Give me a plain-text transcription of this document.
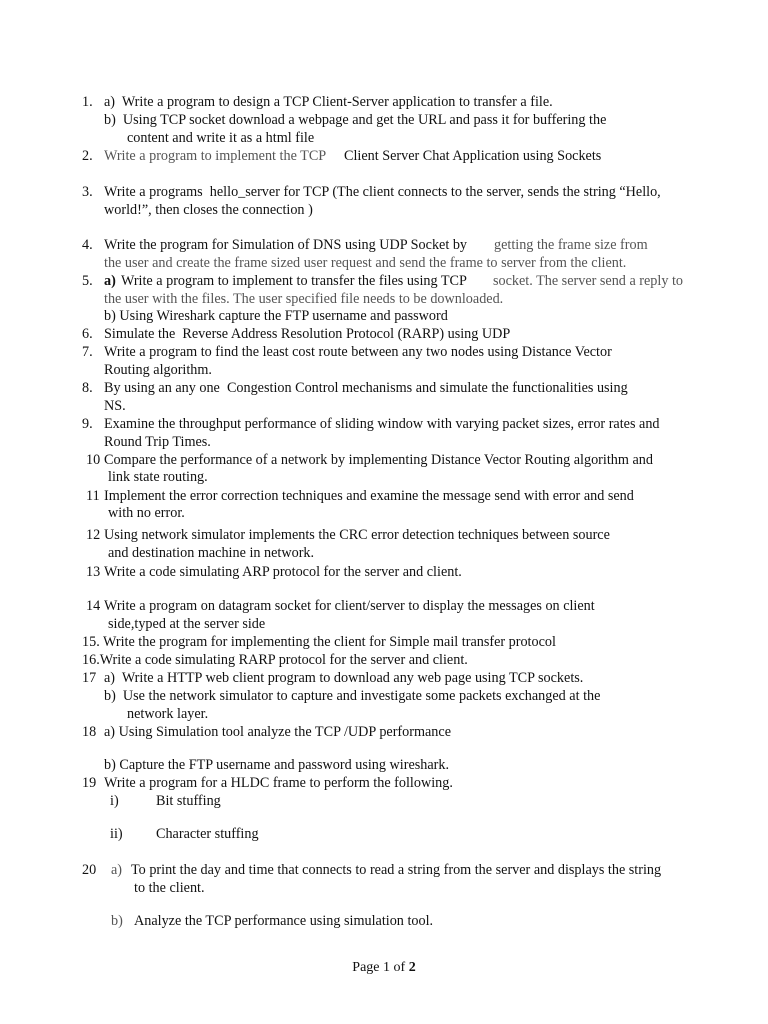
1. a)  Write a program to design a TCP Client-Server application to transfer a file.
b)  Using TCP socket download a webpage and get the URL and pass it for buffering the
content and write it as a html file
2. Write a program to implement the TCP Client Server Chat Application using Sockets
3. Write a programs  hello_server for TCP (The client connects to the server, sends the string “Hello,
world!”, then closes the connection )
4. Write the program for Simulation of DNS using UDP Socket by getting the frame size from
the user and create the frame sized user request and send the frame to server from the client.
5. a) Write a program to implement to transfer the files using TCP socket. The server send a reply to
the user with the files. The user specified file needs to be downloaded.
b) Using Wireshark capture the FTP username and password
6. Simulate the  Reverse Address Resolution Protocol (RARP) using UDP
7. Write a program to find the least cost route between any two nodes using Distance Vector
Routing algorithm.
8. By using an any one  Congestion Control mechanisms and simulate the functionalities using
NS.
9. Examine the throughput performance of sliding window with varying packet sizes, error rates and
Round Trip Times.
10 Compare the performance of a network by implementing Distance Vector Routing algorithm and
link state routing.
11 Implement the error correction techniques and examine the message send with error and send
with no error.
12 Using network simulator implements the CRC error detection techniques between source
and destination machine in network.
13 Write a code simulating ARP protocol for the server and client.
14 Write a program on datagram socket for client/server to display the messages on client
side,typed at the server side
15. Write the program for implementing the client for Simple mail transfer protocol
16.Write a code simulating RARP protocol for the server and client.
17 a)  Write a HTTP web client program to download any web page using TCP sockets.
b)  Use the network simulator to capture and investigate some packets exchanged at the
network layer.
18 a) Using Simulation tool analyze the TCP /UDP performance
b) Capture the FTP username and password using wireshark.
19 Write a program for a HLDC frame to perform the following.
i)	Bit stuffing
ii) Character stuffing
20 a) To print the day and time that connects to read a string from the server and displays the string
to the client.
b) Analyze the TCP performance using simulation tool.
Page 1 of 2
